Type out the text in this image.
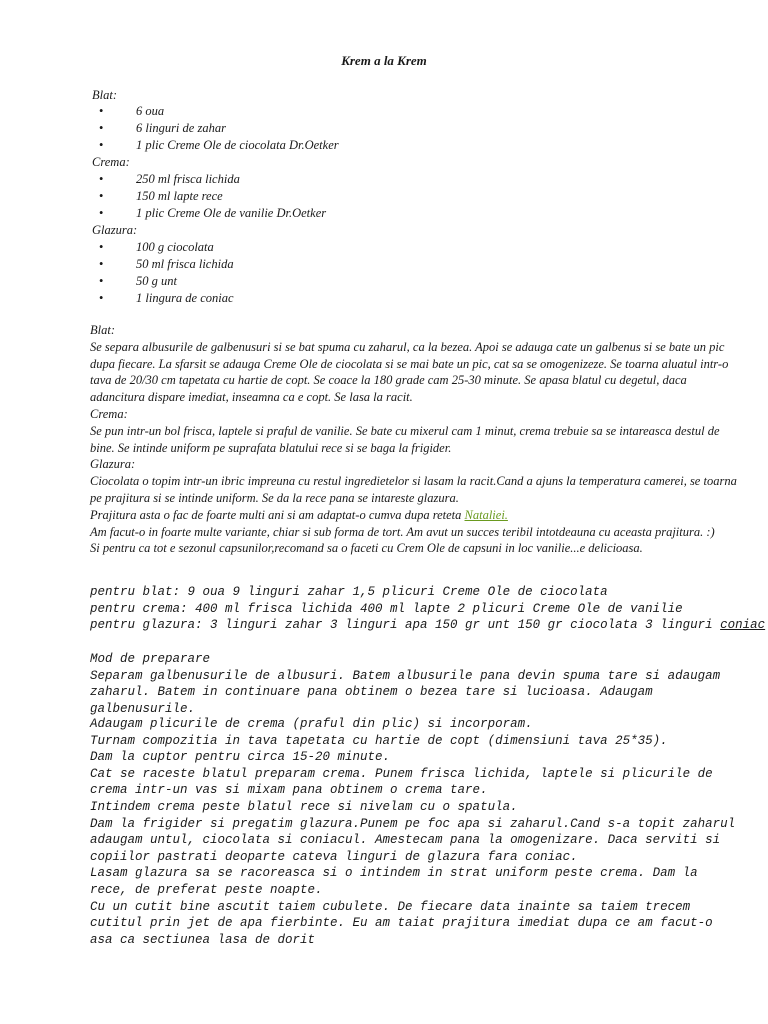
Krem a la Krem
Blat:
• 6 oua
• 6 linguri de zahar
• 1 plic Creme Ole de ciocolata Dr.Oetker
Crema:
• 250 ml frisca lichida
• 150 ml lapte rece
• 1 plic Creme Ole de vanilie Dr.Oetker
Glazura:
• 100 g ciocolata
• 50 ml frisca lichida
• 50 g unt
• 1 lingura de coniac

Blat:

Se separa albusurile de galbenusuri si se bat spuma cu zaharul, ca la bezea. Apoi se adauga cate un galbenus si se bate un pic dupa fiecare. La sfarsit se adauga Creme Ole de ciocolata si se mai bate un pic, cat sa se omogenizeze. Se toarna aluatul intr-o tava de 20/30 cm tapetata cu hartie de copt. Se coace la 180 grade cam 25-30 minute. Se apasa blatul cu degetul, daca adancitura dispare imediat, inseamna ca e copt. Se lasa la racit.

Crema:

Se pun intr-un bol frisca, laptele si praful de vanilie. Se bate cu mixerul cam 1 minut, crema trebuie sa se intareasca destul de bine. Se intinde uniform pe suprafata blatului rece si se baga la frigider.

Glazura:

Ciocolata o topim intr-un ibric impreuna cu restul ingredietelor si lasam la racit.Cand a ajuns la temperatura camerei, se toarna pe prajitura si se intinde uniform. Se da la rece pana se intareste glazura.

Prajitura asta o fac de foarte multi ani si am adaptat-o cumva dupa reteta Nataliei.

Am facut-o in foarte multe variante, chiar si sub forma de tort. Am avut un succes teribil intotdeauna cu aceasta prajitura. :)

Si pentru ca tot e sezonul capsunilor,recomand sa o faceti cu Crem Ole de capsuni in loc vanilie...e delicioasa.

pentru blat: 9 oua 9 linguri zahar 1,5 plicuri Creme Ole de ciocolata

pentru crema: 400 ml frisca lichida 400 ml lapte 2 plicuri Creme Ole de vanilie

pentru glazura: 3 linguri zahar 3 linguri apa 150 gr unt 150 gr ciocolata 3 linguri coniac

Mod de preparare

Separam galbenusurile de albusuri. Batem albusurile pana devin spuma tare si adaugam zaharul. Batem in continuare pana obtinem o bezea tare si lucioasa. Adaugam galbenusurile.

Adaugam plicurile de crema (praful din plic) si incorporam.

Turnam compozitia in tava tapetata cu hartie de copt (dimensiuni tava 25*35).

Dam la cuptor pentru circa 15-20 minute.

Cat se raceste blatul preparam crema. Punem frisca lichida, laptele si plicurile de crema intr-un vas si mixam pana obtinem o crema tare.

Intindem crema peste blatul rece si nivelam cu o spatula.

Dam la frigider si pregatim glazura.Punem pe foc apa si zaharul.Cand s-a topit zaharul adaugam untul, ciocolata si coniacul. Amestecam pana la omogenizare. Daca serviti si copiilor pastrati deoparte cateva linguri de glazura fara coniac.

Lasam glazura sa se racoreasca si o intindem in strat uniform peste crema. Dam la rece, de preferat peste noapte.

Cu un cutit bine ascutit taiem cubulete. De fiecare data inainte sa taiem trecem cutitul prin jet de apa fierbinte. Eu am taiat prajitura imediat dupa ce am facut-o asa ca sectiunea lasa de dorit
